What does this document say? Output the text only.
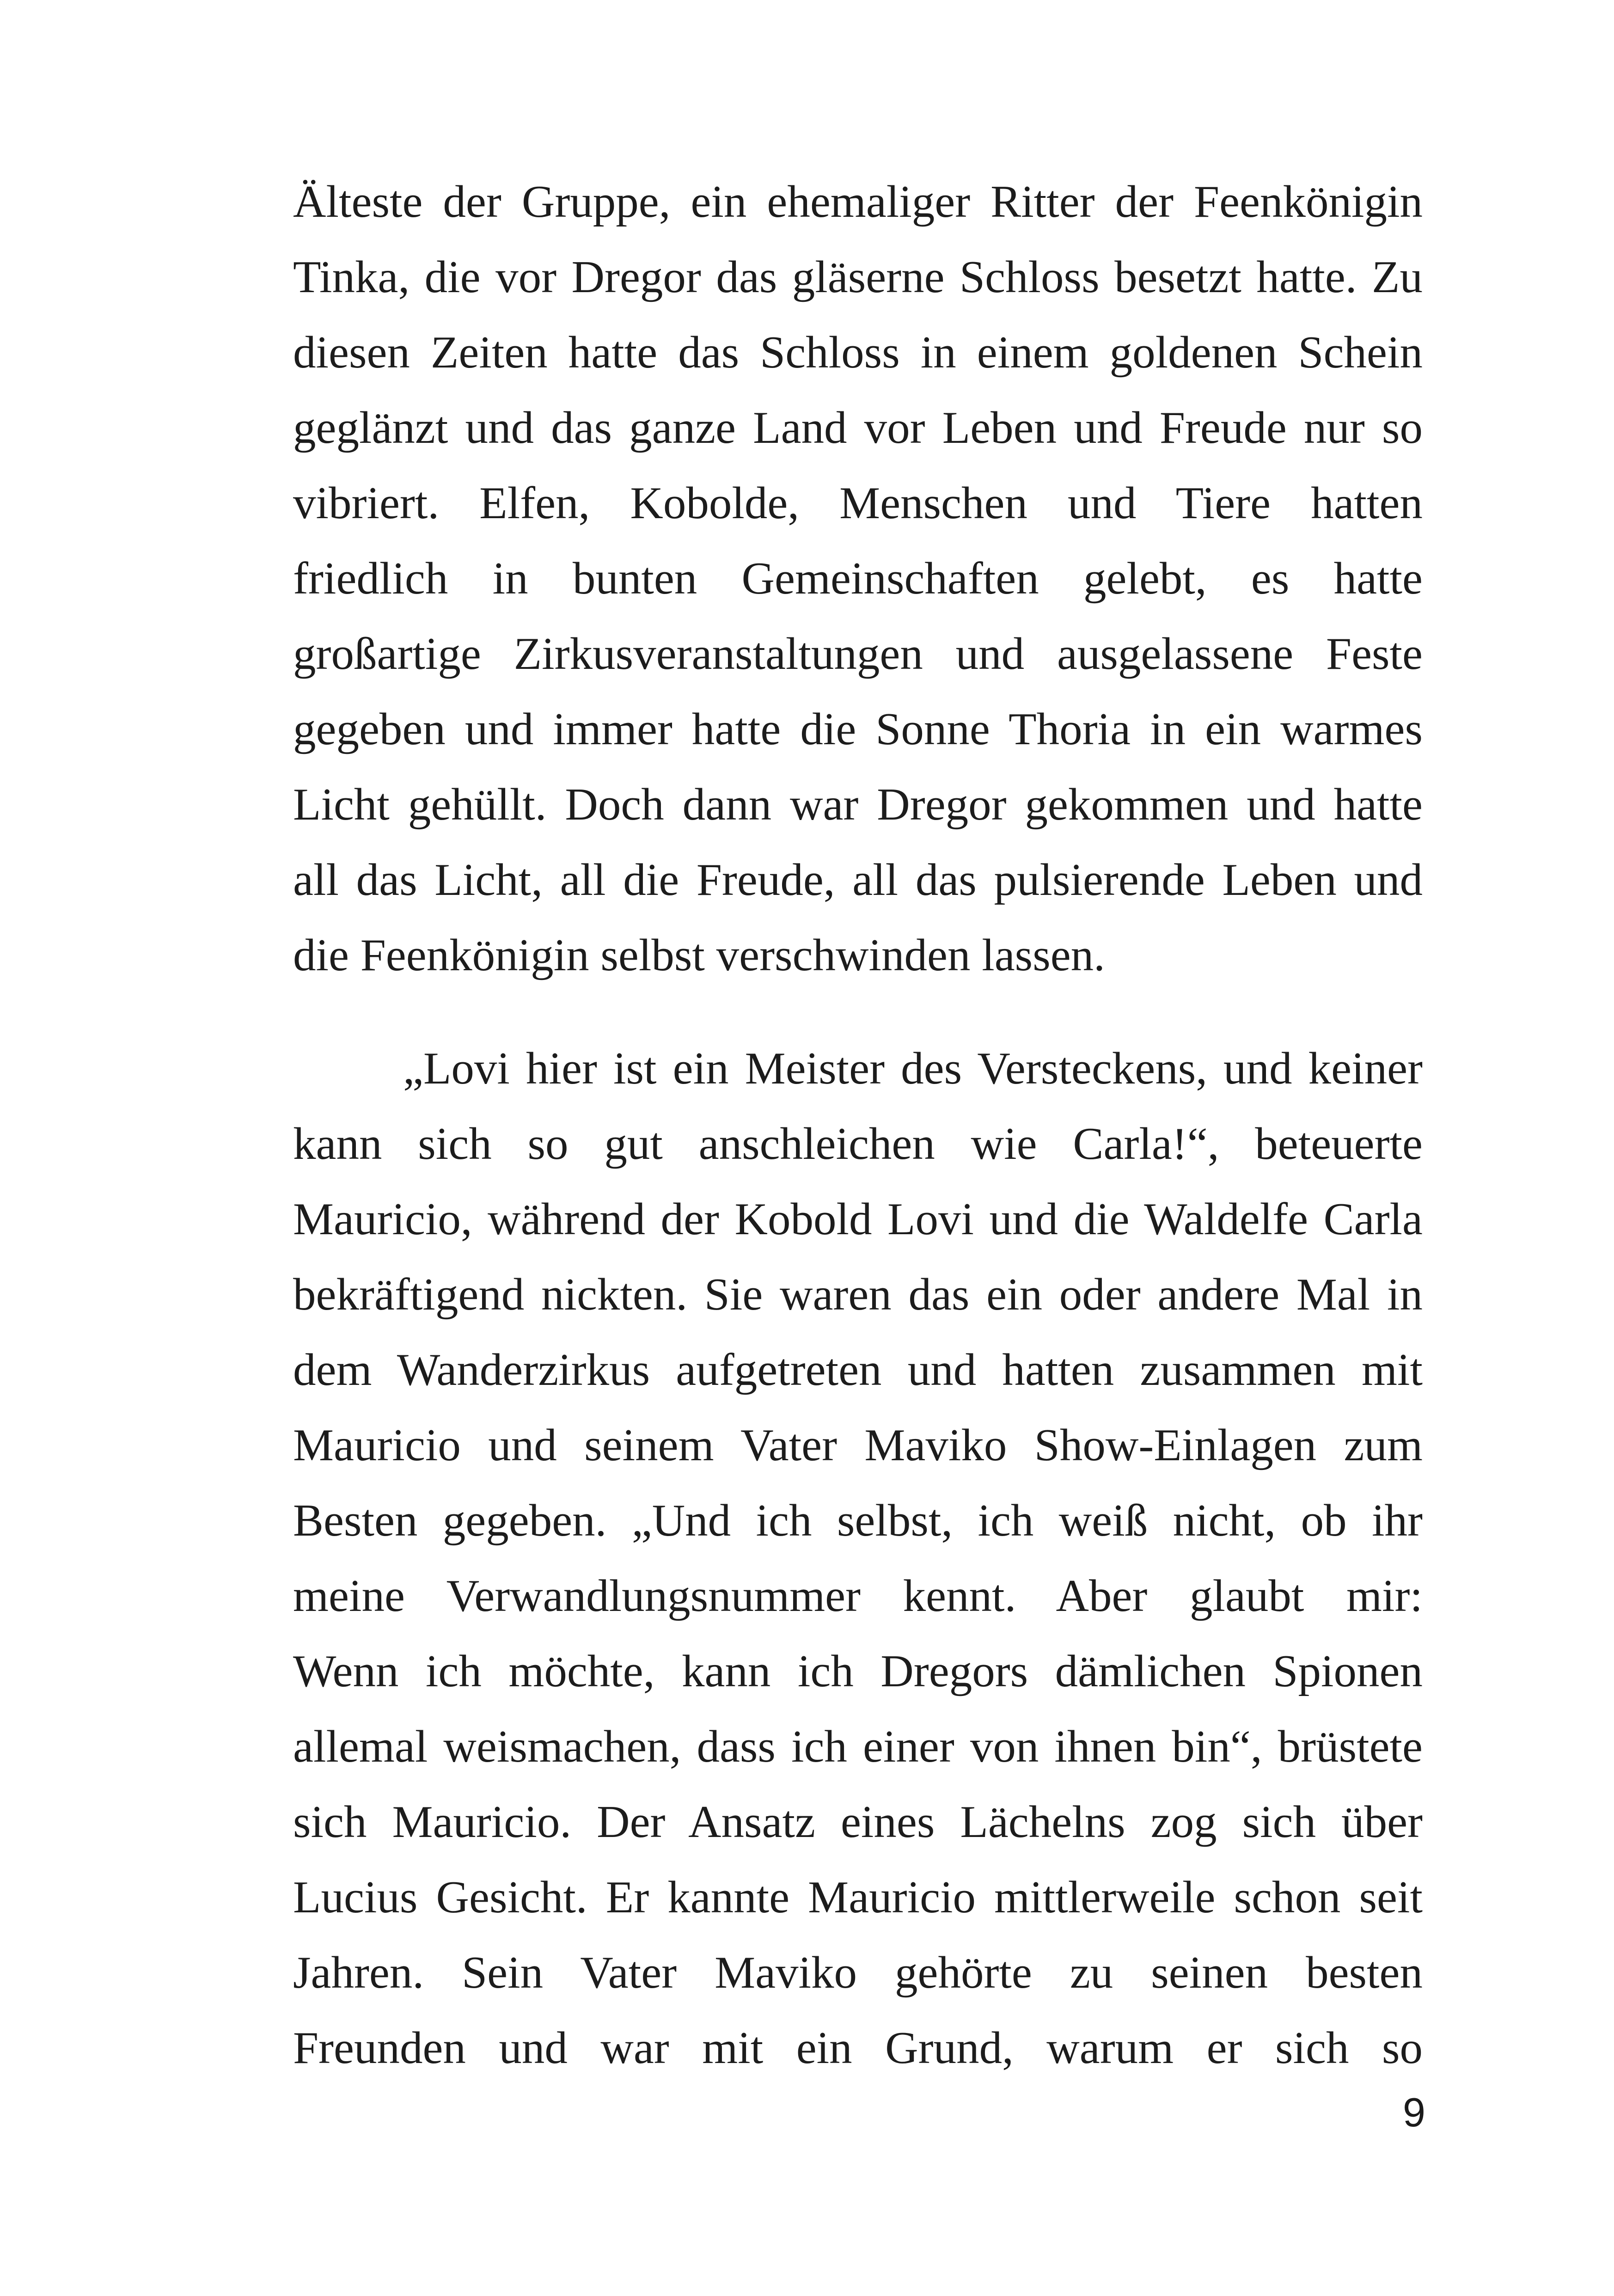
Älteste der Gruppe, ein ehemaliger Ritter der Feenkönigin
Tinka, die vor Dregor das gläserne Schloss besetzt hatte. Zu
diesen Zeiten hatte das Schloss in einem goldenen Schein
geglänzt und das ganze Land vor Leben und Freude nur so
vibriert. Elfen, Kobolde, Menschen und Tiere hatten
friedlich in bunten Gemeinschaften gelebt, es hatte
großartige Zirkusveranstaltungen und ausgelassene Feste
gegeben und immer hatte die Sonne Thoria in ein warmes
Licht gehüllt. Doch dann war Dregor gekommen und hatte
all das Licht, all die Freude, all das pulsierende Leben und
die Feenkönigin selbst verschwinden lassen.
„Lovi hier ist ein Meister des Versteckens, und keiner
kann sich so gut anschleichen wie Carla!“, beteuerte
Mauricio, während der Kobold Lovi und die Waldelfe Carla
bekräftigend nickten. Sie waren das ein oder andere Mal in
dem Wanderzirkus aufgetreten und hatten zusammen mit
Mauricio und seinem Vater Maviko Show-Einlagen zum
Besten gegeben. „Und ich selbst, ich weiß nicht, ob ihr
meine Verwandlungsnummer kennt. Aber glaubt mir:
Wenn ich möchte, kann ich Dregors dämlichen Spionen
allemal weismachen, dass ich einer von ihnen bin“, brüstete
sich Mauricio. Der Ansatz eines Lächelns zog sich über
Lucius Gesicht. Er kannte Mauricio mittlerweile schon seit
Jahren. Sein Vater Maviko gehörte zu seinen besten
Freunden und war mit ein Grund, warum er sich so
9
